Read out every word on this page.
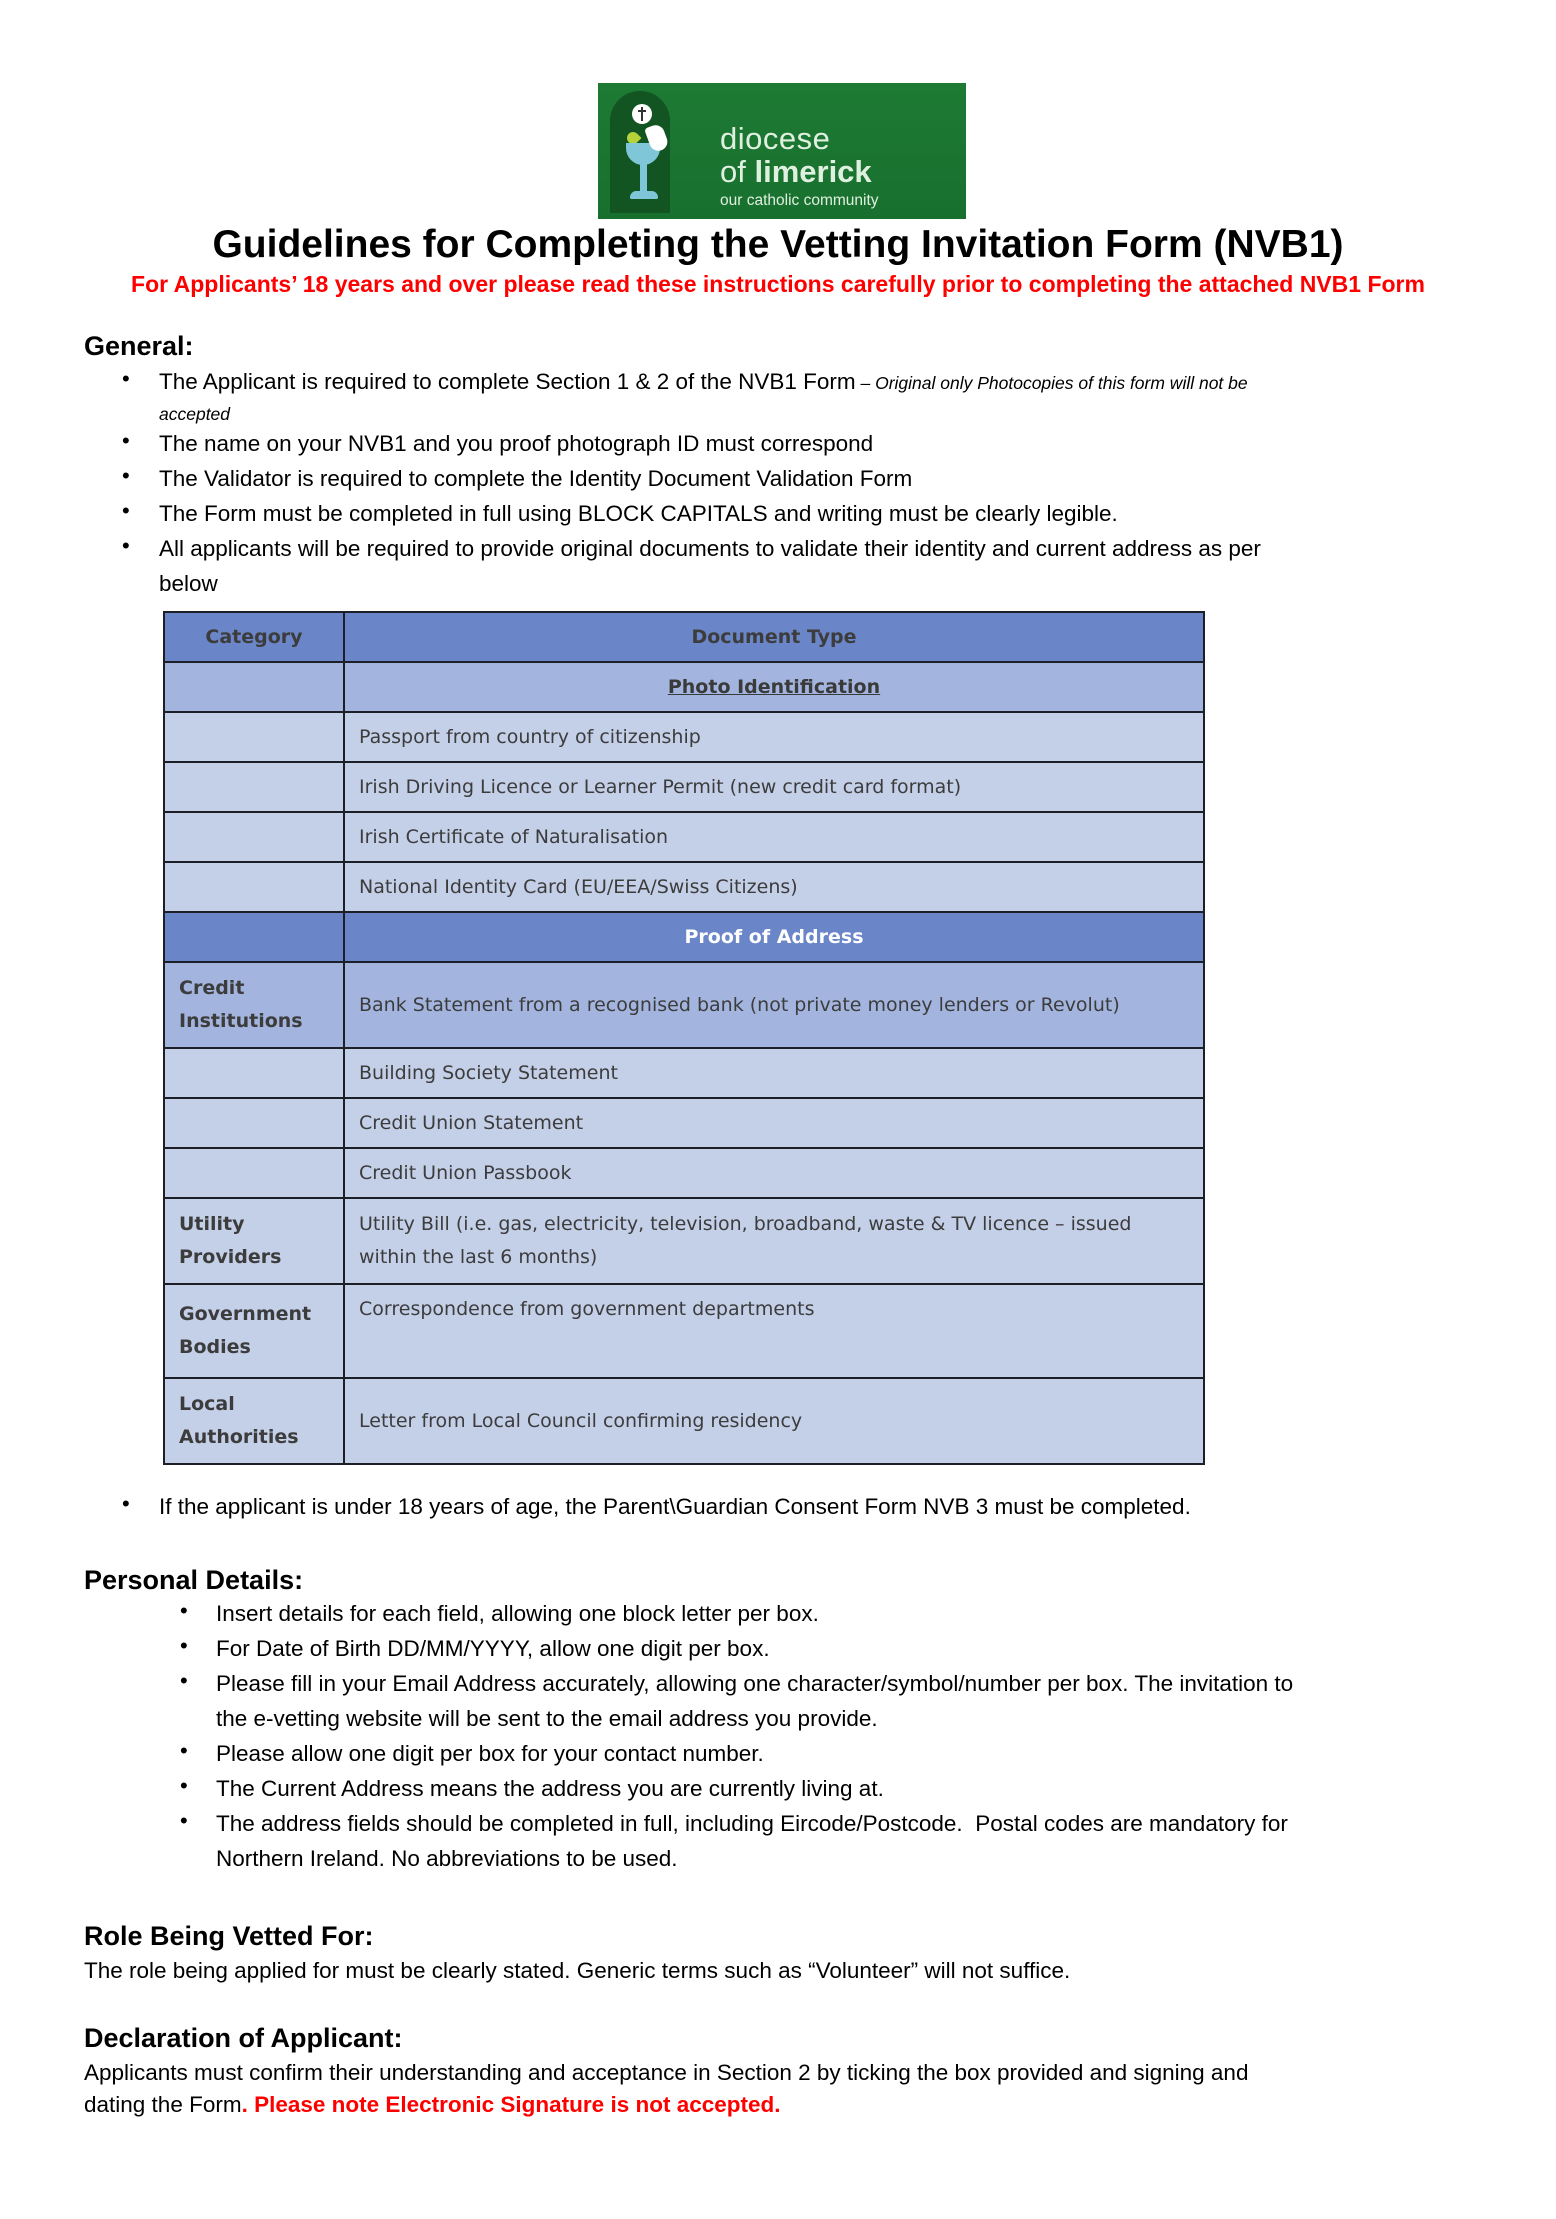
diocese
of limerick
our catholic community
Guidelines for Completing the Vetting Invitation Form (NVB1)
For Applicants’ 18 years and over please read these instructions carefully prior to completing the attached NVB1 Form
General:
• The Applicant is required to complete Section 1 & 2 of the NVB1 Form – Original only Photocopies of this form will not be
accepted
• The name on your NVB1 and you proof photograph ID must correspond
• The Validator is required to complete the Identity Document Validation Form
• The Form must be completed in full using BLOCK CAPITALS and writing must be clearly legible.
• All applicants will be required to provide original documents to validate their identity and current address as per
below
Category	Document Type
	Photo Identification
	Passport from country of citizenship
	Irish Driving Licence or Learner Permit (new credit card format)
	Irish Certificate of Naturalisation
	National Identity Card (EU/EEA/Swiss Citizens)
	Proof of Address
Credit Institutions	Bank Statement from a recognised bank (not private money lenders or Revolut)
	Building Society Statement
	Credit Union Statement
	Credit Union Passbook
Utility Providers	Utility Bill (i.e. gas, electricity, television, broadband, waste & TV licence – issued within the last 6 months)
Government Bodies	Correspondence from government departments
Local Authorities	Letter from Local Council confirming residency
• If the applicant is under 18 years of age, the Parent\Guardian Consent Form NVB 3 must be completed.
Personal Details:
• Insert details for each field, allowing one block letter per box.
• For Date of Birth DD/MM/YYYY, allow one digit per box.
• Please fill in your Email Address accurately, allowing one character/symbol/number per box. The invitation to
the e-vetting website will be sent to the email address you provide.
• Please allow one digit per box for your contact number.
• The Current Address means the address you are currently living at.
• The address fields should be completed in full, including Eircode/Postcode.  Postal codes are mandatory for
Northern Ireland. No abbreviations to be used.
Role Being Vetted For:
The role being applied for must be clearly stated. Generic terms such as “Volunteer” will not suffice.
Declaration of Applicant:
Applicants must confirm their understanding and acceptance in Section 2 by ticking the box provided and signing and
dating the Form. Please note Electronic Signature is not accepted.
